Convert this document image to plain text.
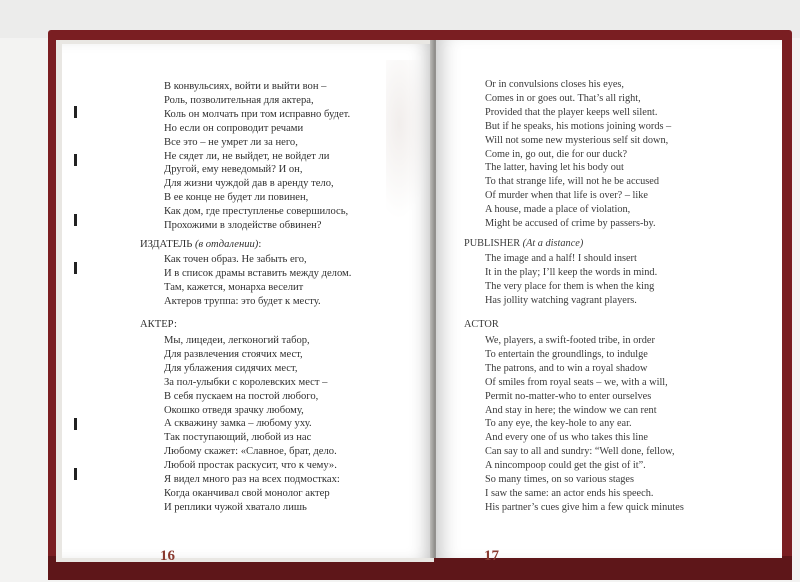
В конвульсиях, войти и выйти вон –
Роль, позволительная для актера,
Коль он молчать при том исправно будет.
Но если он сопроводит речами
Все это – не умрет ли за него,
Не сядет ли, не выйдет, не войдет ли
Другой, ему неведомый? И он,
Для жизни чуждой дав в аренду тело,
В ее конце не будет ли повинен,
Как дом, где преступленье совершилось,
Прохожими в злодействе обвинен?
ИЗДАТЕЛЬ (в отдалении):
Как точен образ. Не забыть его,
И в список драмы вставить между делом.
Там, кажется, монарха веселит
Актеров труппа: это будет к месту.
АКТЕР:
Мы, лицедеи, легконогий табор,
Для развлечения стоячих мест,
Для ублажения сидячих мест,
За пол-улыбки с королевских мест –
В себя пускаем на постой любого,
Окошко отведя зрачку любому,
А скважину замка – любому уху.
Так поступающий, любой из нас
Любому скажет: «Славное, брат, дело.
Любой простак раскусит, что к чему».
Я видел много раз на всех подмостках:
Когда оканчивал свой монолог актер
И реплики чужой хватало лишь
16
Or in convulsions closes his eyes,
Comes in or goes out. That’s all right,
Provided that the player keeps well silent.
But if he speaks, his motions joining words –
Will not some new mysterious self sit down,
Come in, go out, die for our duck?
The latter, having let his body out
To that strange life, will not he be accused
Of murder when that life is over? – like
A house, made a place of violation,
Might be accused of crime by passers-by.
PUBLISHER (At a distance)
The image and a half! I should insert
It in the play; I’ll keep the words in mind.
The very place for them is when the king
Has jollity watching vagrant players.
ACTOR
We, players, a swift-footed tribe, in order
To entertain the groundlings, to indulge
The patrons, and to win a royal shadow
Of smiles from royal seats – we, with a will,
Permit no-matter-who to enter ourselves
And stay in here; the window we can rent
To any eye, the key-hole to any ear.
And every one of us who takes this line
Can say to all and sundry: “Well done, fellow,
A nincompoop could get the gist of it”.
So many times, on so various stages
I saw the same: an actor ends his speech.
His partner’s cues give him a few quick minutes
17
